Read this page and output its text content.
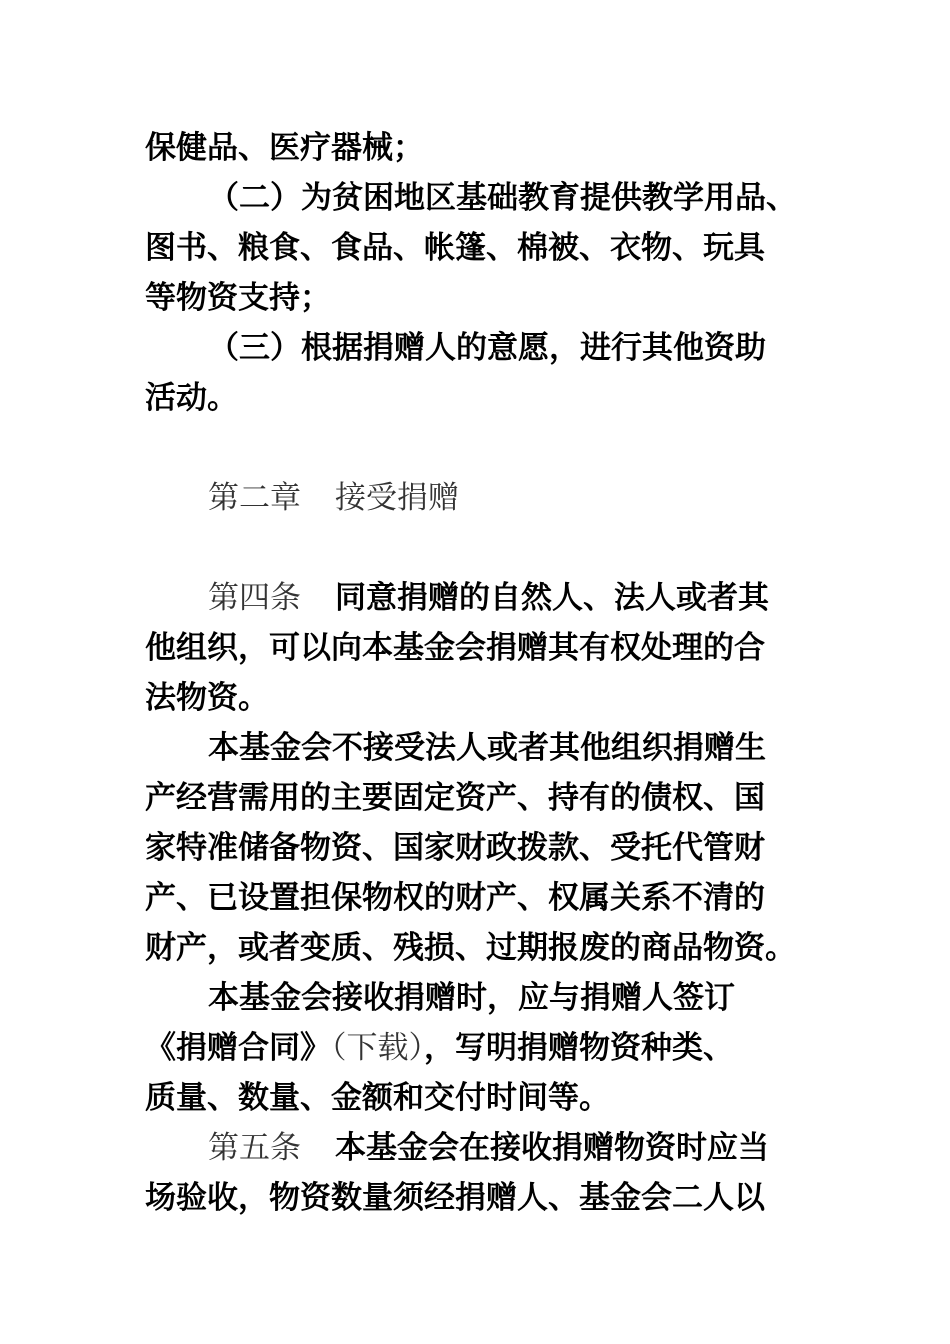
保健品、医疗器械；
（二）为贫困地区基础教育提供教学用品、
图书、粮食、食品、帐篷、棉被、衣物、玩具
等物资支持；
（三）根据捐赠人的意愿，进行其他资助
活动。
第二章 接受捐赠
第四条 同意捐赠的自然人、法人或者其
他组织，可以向本基金会捐赠其有权处理的合
法物资。
本基金会不接受法人或者其他组织捐赠生
产经营需用的主要固定资产、持有的债权、国
家特准储备物资、国家财政拨款、受托代管财
产、已设置担保物权的财产、权属关系不清的
财产，或者变质、残损、过期报废的商品物资。
本基金会接收捐赠时，应与捐赠人签订
《捐赠合同》（下载），写明捐赠物资种类、
质量、数量、金额和交付时间等。
第五条 本基金会在接收捐赠物资时应当
场验收，物资数量须经捐赠人、基金会二人以
